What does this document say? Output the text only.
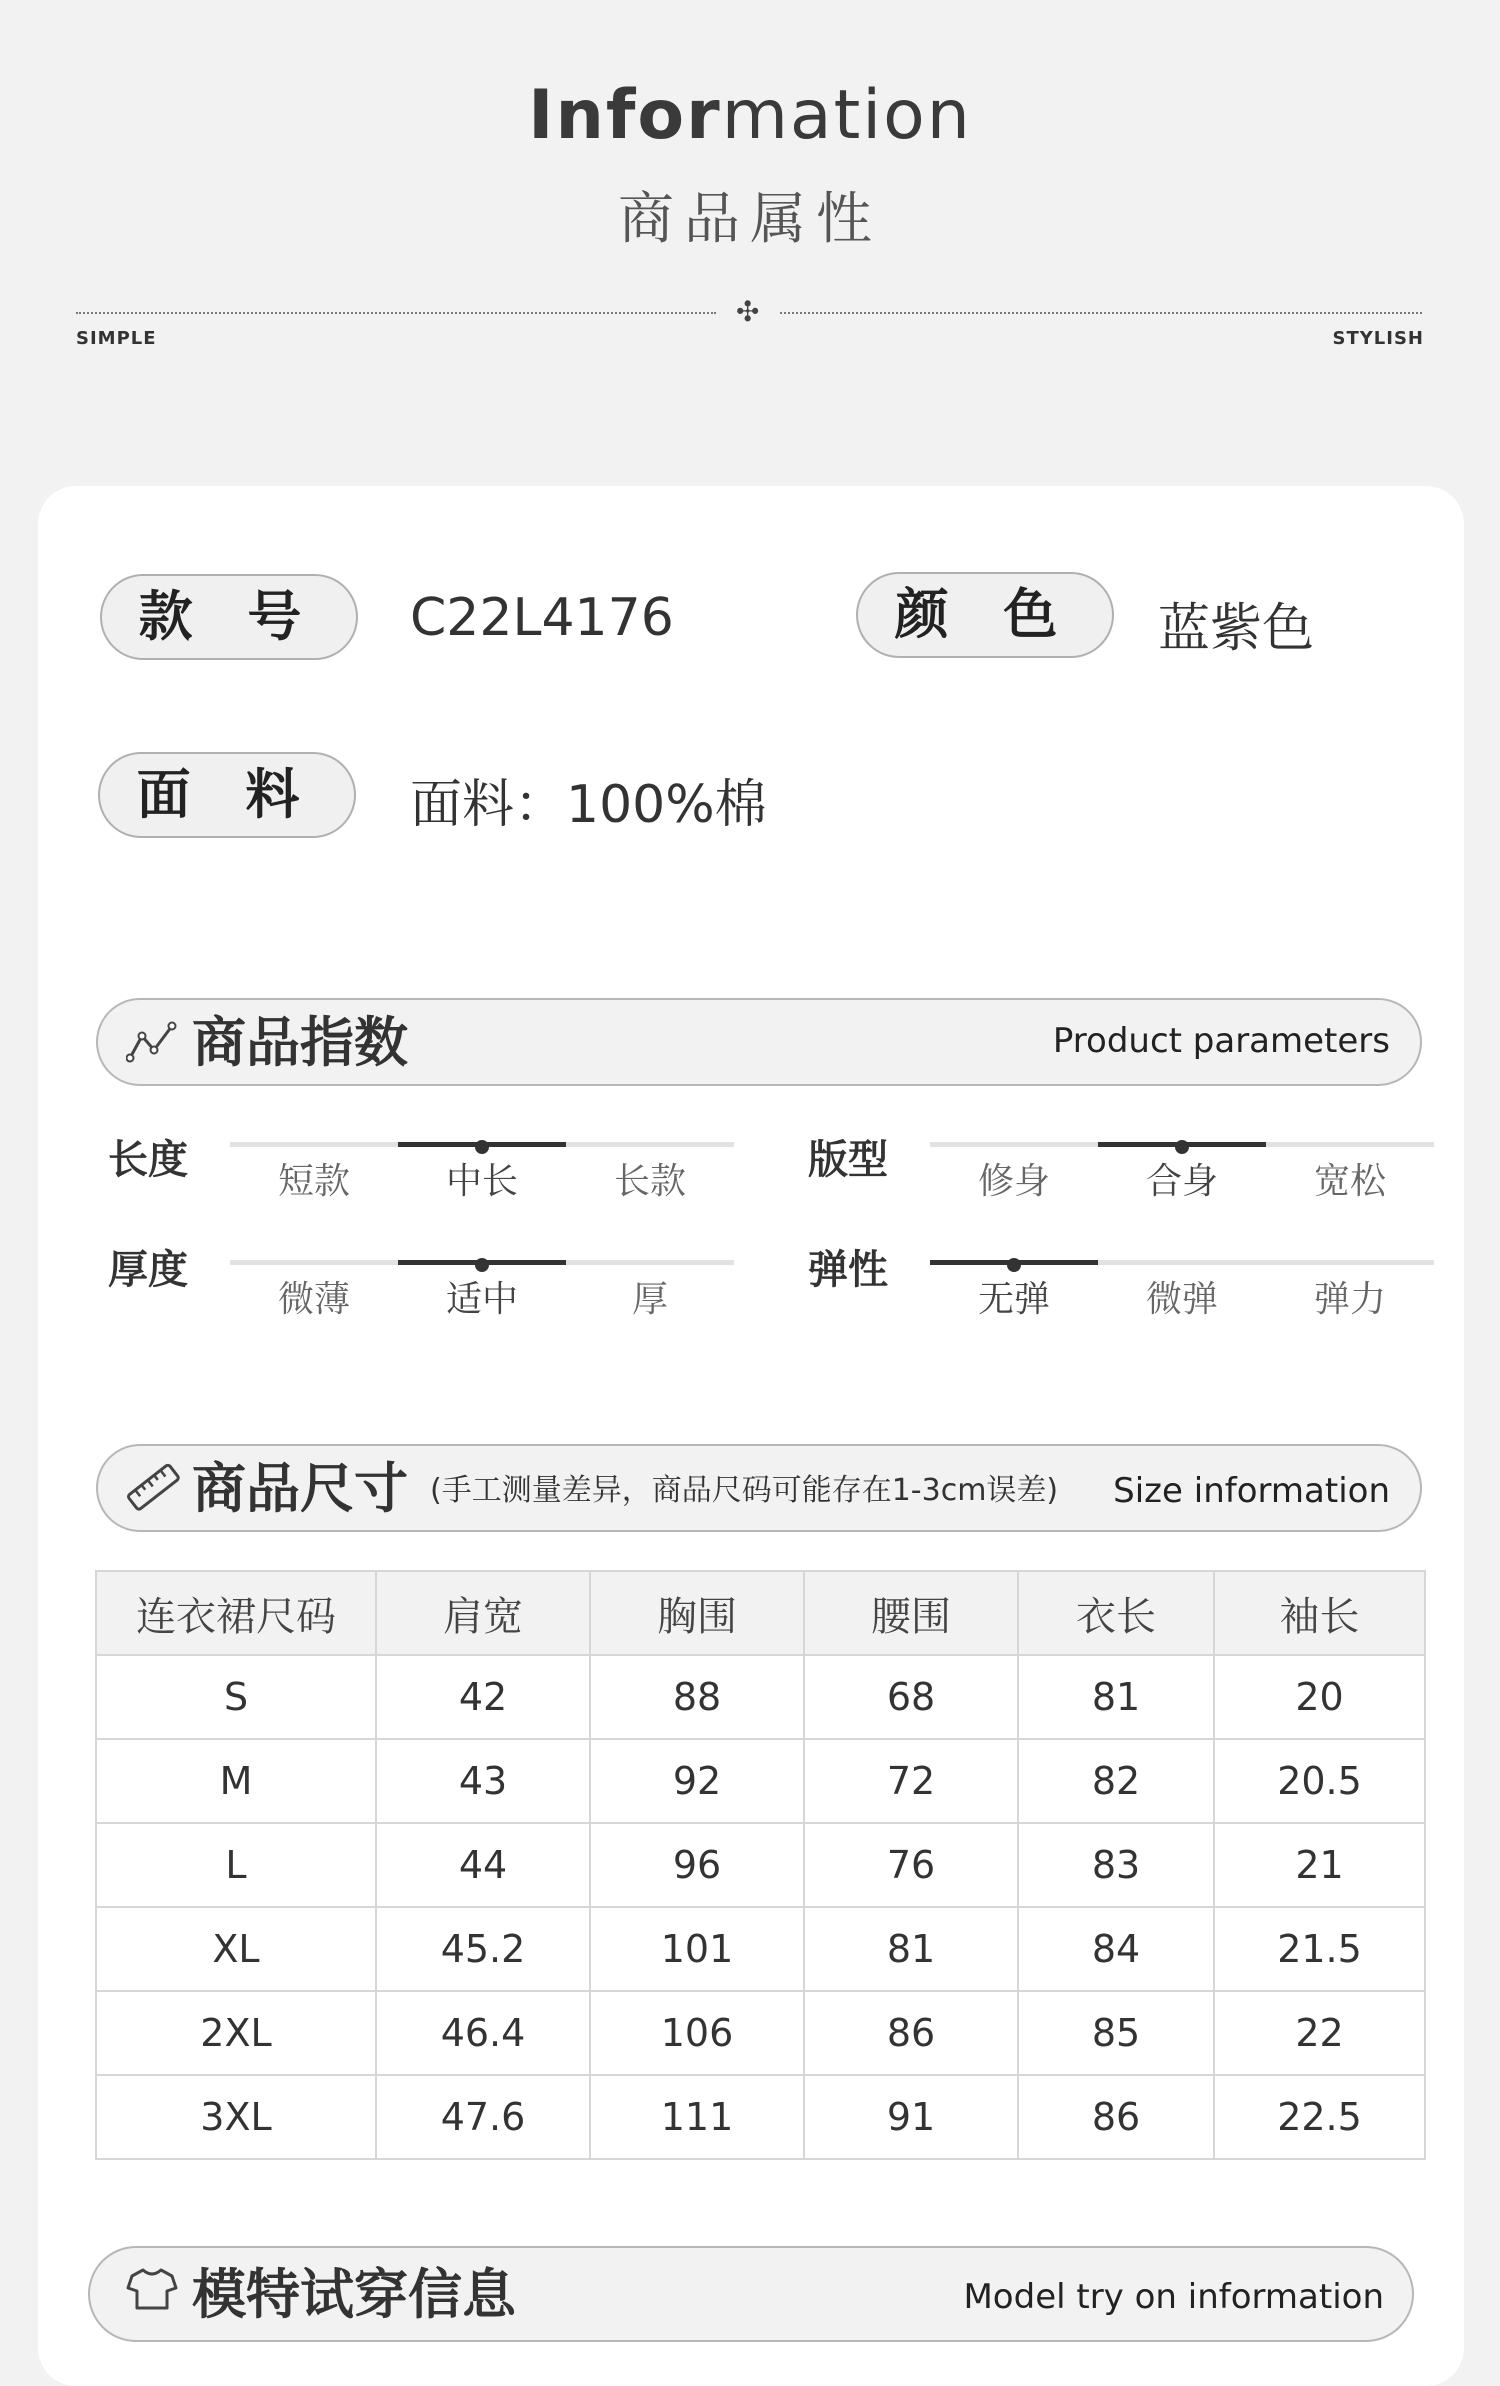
Information
商品属性
✣
SIMPLE	STYLISH
款 号	C22L4176	颜 色	蓝紫色
面 料	面料：100%棉
商品指数	Product parameters
长度	短款	中长	长款	版型	修身	合身	宽松
厚度
微薄	适中	厚
弹性
无弹	微弹	弹力
商品尺寸 (手工测量差异，商品尺码可能存在1-3cm误差) Size information
连衣裙尺码	肩宽	胸围	腰围	衣长	袖长
S	42	88	68	81	20
M	43	92	72	82	20.5
L	44	96	76	83	21
XL	45.2	101	81	84	21.5
2XL	46.4	106	86	85	22
3XL	47.6	111	91	86	22.5
模特试穿信息	Model try on information
